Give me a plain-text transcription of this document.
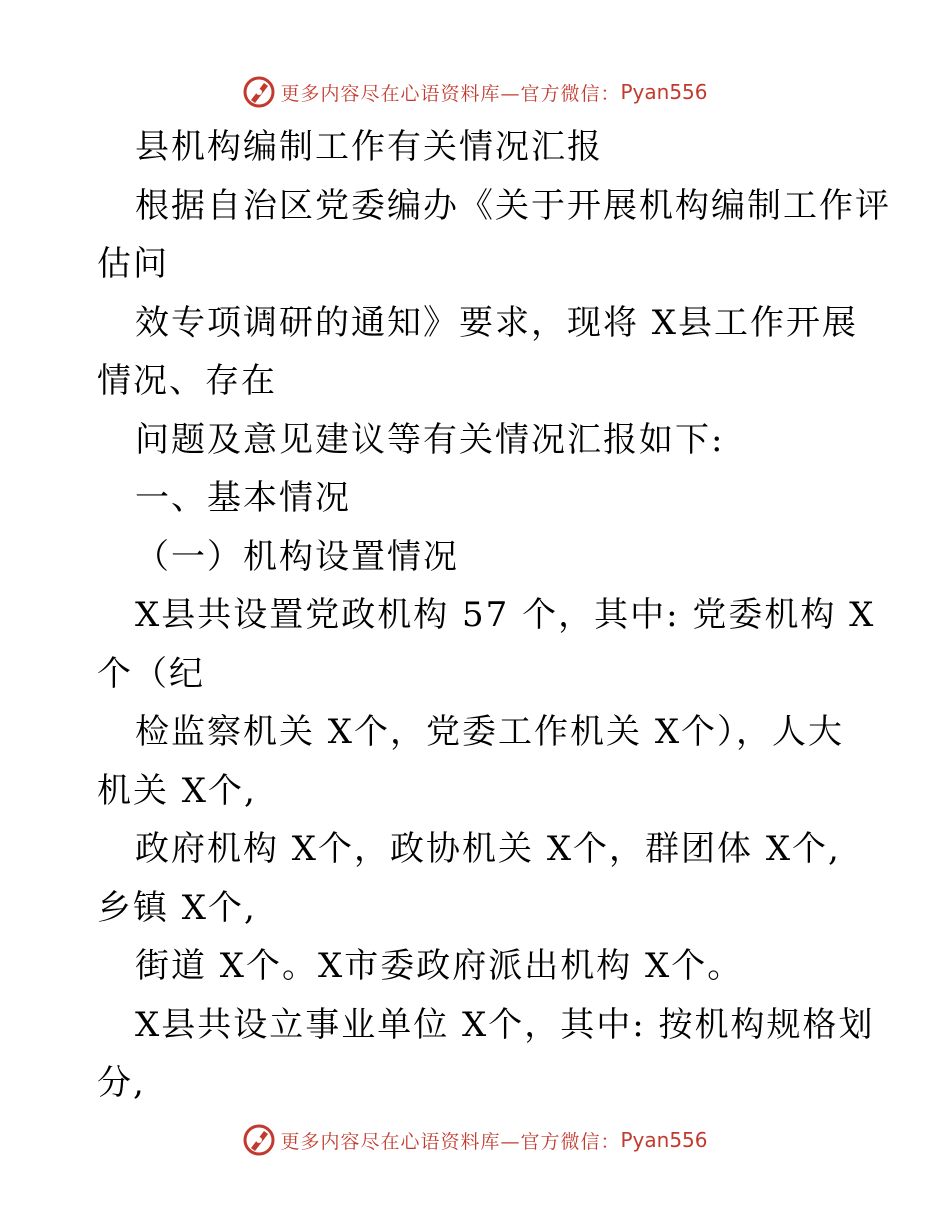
更多内容尽在心语资料库—官方微信： Pyan556
县机构编制工作有关情况汇报
根据自治区党委编办《关于开展机构编制工作评
估问
效专项调研的通知》要求，现将 X县工作开展
情况、存在
问题及意见建议等有关情况汇报如下:
一、基本情况
（一）机构设置情况
X县共设置党政机构 57 个，其中: 党委机构 X
个（纪
检监察机关 X个，党委工作机关 X个），人大
机关 X个,
政府机构 X个，政协机关 X个，群团体 X个,
乡镇 X个,
街道 X个。X市委政府派出机构 X个。
X县共设立事业单位 X个，其中: 按机构规格划
分,
更多内容尽在心语资料库—官方微信： Pyan556
